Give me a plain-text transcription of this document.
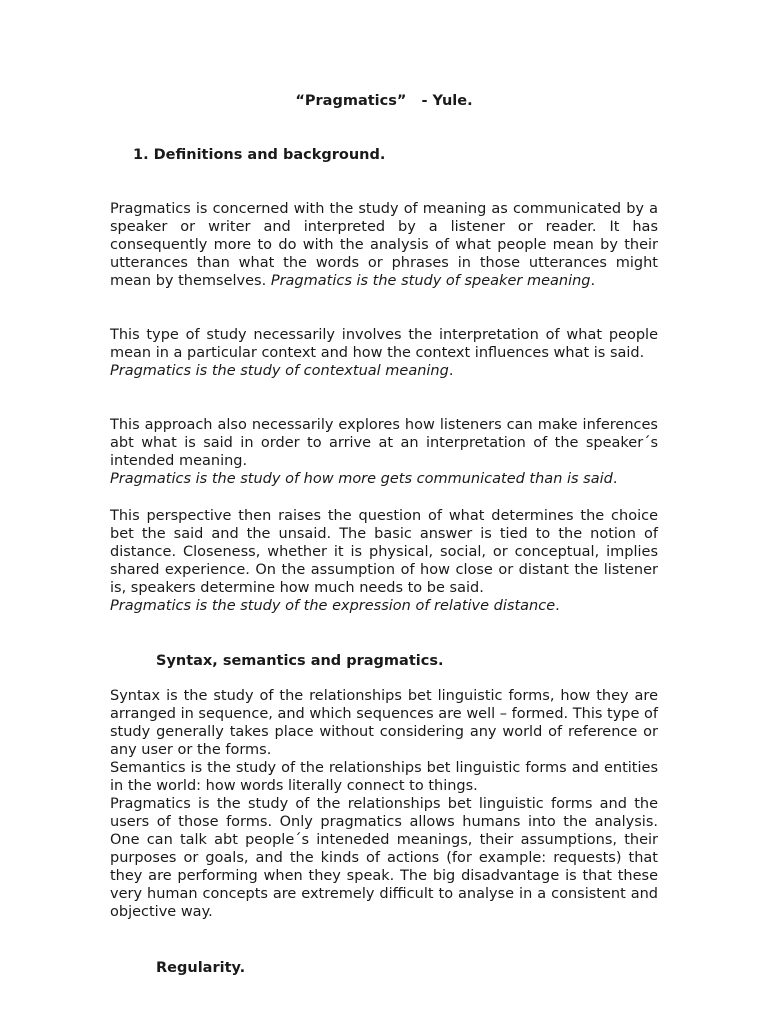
“Pragmatics” - Yule.
1. Definitions and background.

Pragmatics is concerned with the study of meaning as communicated by a speaker or writer and interpreted by a listener or reader. It has consequently more to do with the analysis of what people mean by their utterances than what the words or phrases in those utterances might mean by themselves. Pragmatics is the study of speaker meaning.

This type of study necessarily involves the interpretation of what people mean in a particular context and how the context influences what is said.

Pragmatics is the study of contextual meaning.

This approach also necessarily explores how listeners can make inferences abt what is said in order to arrive at an interpretation of the speaker´s intended meaning.

Pragmatics is the study of how more gets communicated than is said.

This perspective then raises the question of what determines the choice bet the said and the unsaid. The basic answer is tied to the notion of distance. Closeness, whether it is physical, social, or conceptual, implies shared experience. On the assumption of how close or distant the listener is, speakers determine how much needs to be said.

Pragmatics is the study of the expression of relative distance.

Syntax, semantics and pragmatics.

Syntax is the study of the relationships bet linguistic forms, how they are arranged in sequence, and which sequences are well – formed. This type of study generally takes place without considering any world of reference or any user or the forms.

Semantics is the study of the relationships bet linguistic forms and entities in the world: how words literally connect to things.

Pragmatics is the study of the relationships bet linguistic forms and the users of those forms. Only pragmatics allows humans into the analysis. One can talk abt people´s inteneded meanings, their assumptions, their purposes or goals, and the kinds of actions (for example: requests) that they are performing when they speak. The big disadvantage is that these very human concepts are extremely difficult to analyse in a consistent and objective way.

Regularity.
